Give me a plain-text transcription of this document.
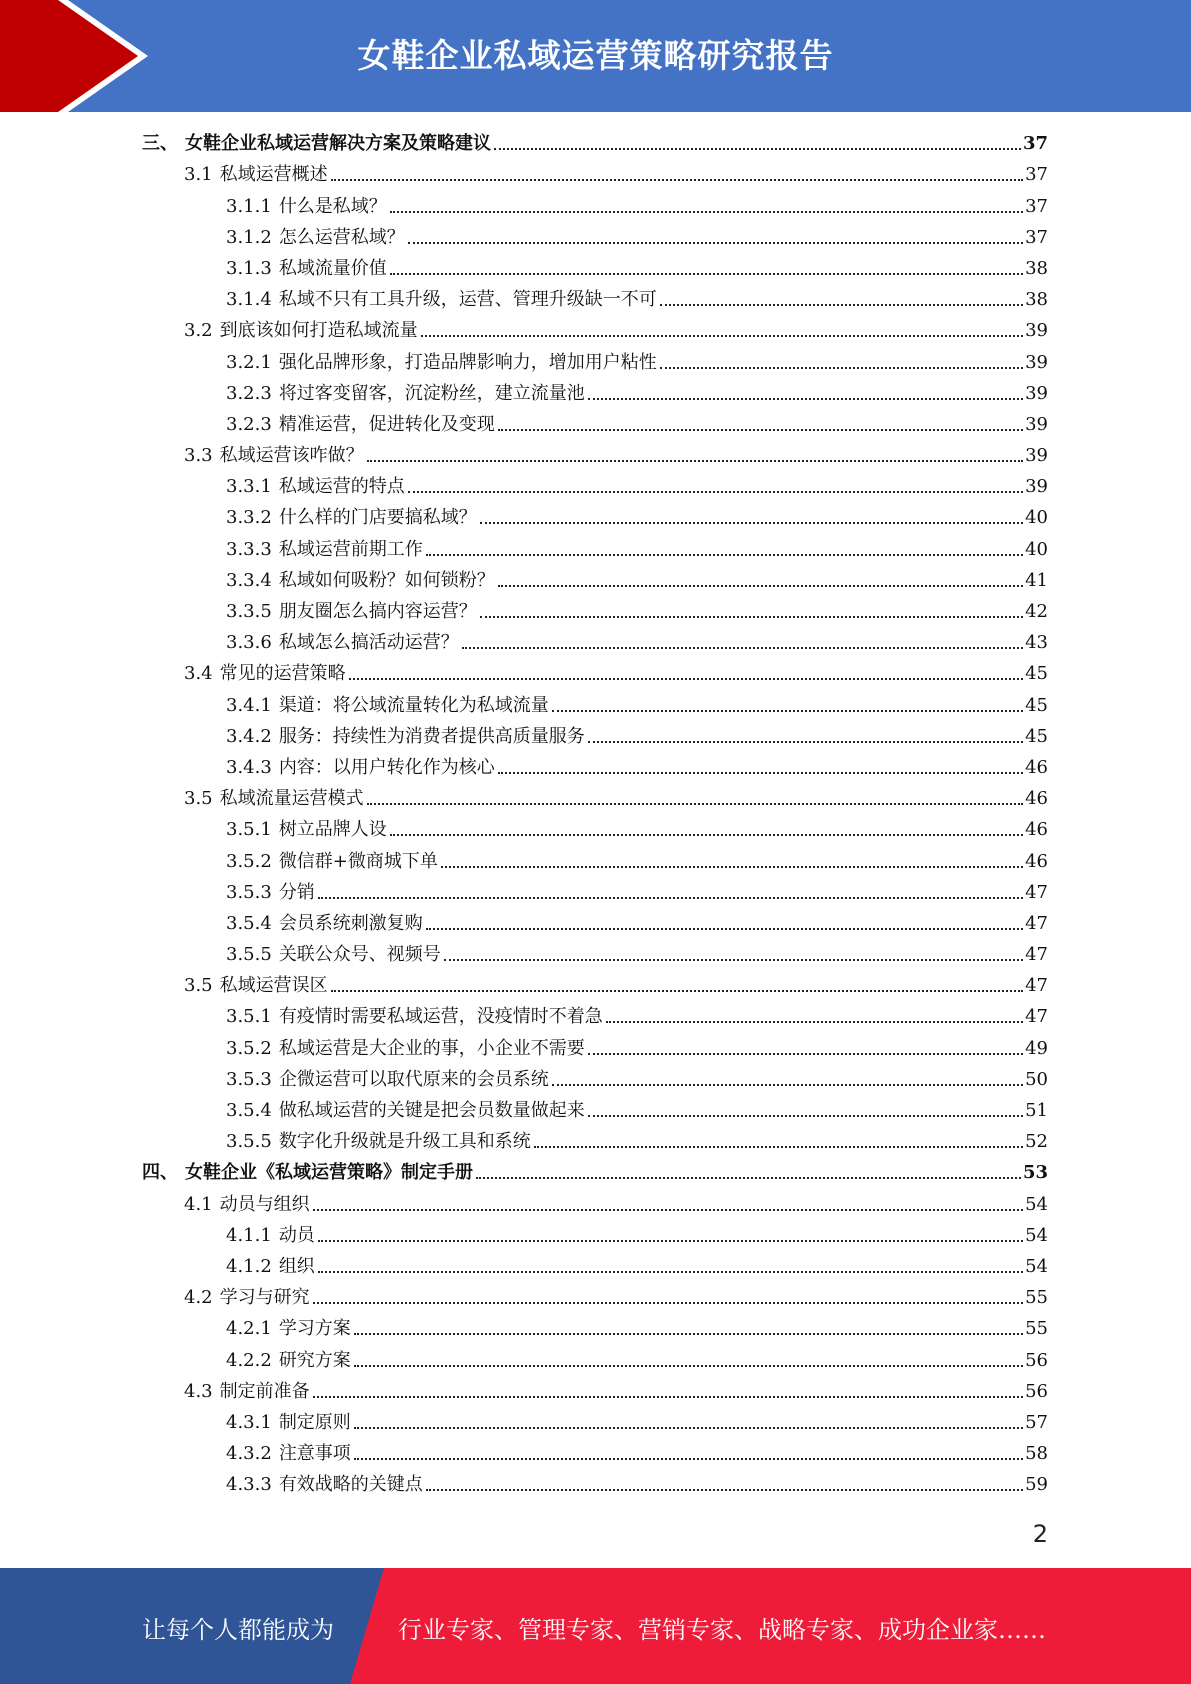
女鞋企业私域运营策略研究报告
三、 女鞋企业私域运营解决方案及策略建议	37
3.1 私域运营概述	37
3.1.1 什么是私域？	37
3.1.2 怎么运营私域？	37
3.1.3 私域流量价值	38
3.1.4 私域不只有工具升级，运营、管理升级缺一不可	38
3.2 到底该如何打造私域流量	39
3.2.1 强化品牌形象，打造品牌影响力，增加用户粘性	39
3.2.3 将过客变留客，沉淀粉丝，建立流量池	39
3.2.3 精准运营，促进转化及变现	39
3.3 私域运营该咋做？	39
3.3.1 私域运营的特点	39
3.3.2 什么样的门店要搞私域？	40
3.3.3 私域运营前期工作	40
3.3.4 私域如何吸粉？如何锁粉？	41
3.3.5 朋友圈怎么搞内容运营？	42
3.3.6 私域怎么搞活动运营？	43
3.4 常见的运营策略	45
3.4.1 渠道：将公域流量转化为私域流量	45
3.4.2 服务：持续性为消费者提供高质量服务	45
3.4.3 内容：以用户转化作为核心	46
3.5 私域流量运营模式	46
3.5.1 树立品牌人设	46
3.5.2 微信群+微商城下单	46
3.5.3 分销	47
3.5.4 会员系统刺激复购	47
3.5.5 关联公众号、视频号	47
3.5 私域运营误区	47
3.5.1 有疫情时需要私域运营，没疫情时不着急	47
3.5.2 私域运营是大企业的事，小企业不需要	49
3.5.3 企微运营可以取代原来的会员系统	50
3.5.4 做私域运营的关键是把会员数量做起来	51
3.5.5 数字化升级就是升级工具和系统	52
四、 女鞋企业《私域运营策略》制定手册	53
4.1 动员与组织	54
4.1.1 动员	54
4.1.2 组织	54
4.2 学习与研究	55
4.2.1 学习方案	55
4.2.2 研究方案	56
4.3 制定前准备	56
4.3.1 制定原则	57
4.3.2 注意事项	58
4.3.3 有效战略的关键点	59
2
让每个人都能成为	行业专家、管理专家、营销专家、战略专家、成功企业家……
